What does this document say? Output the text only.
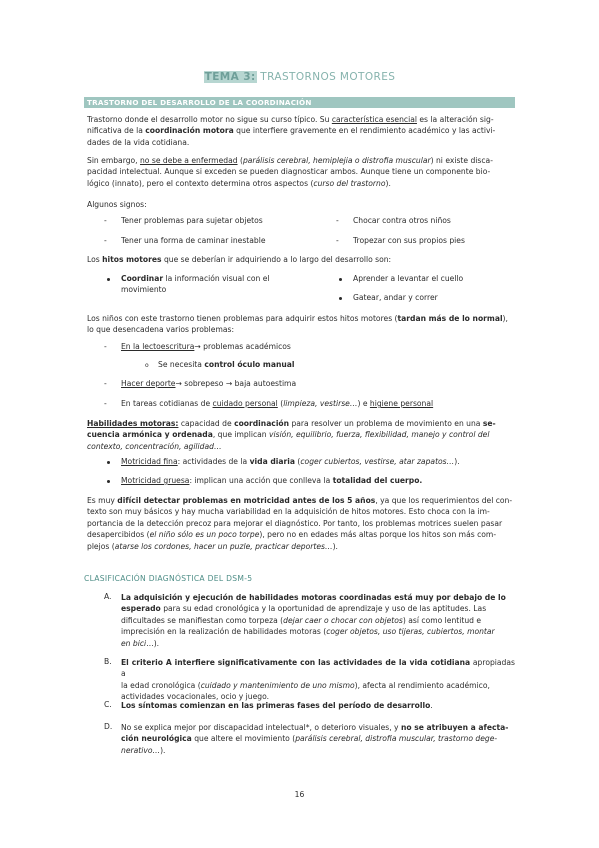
TEMA 3: TRASTORNOS MOTORES
TRASTORNO DEL DESARROLLO DE LA COORDINACIÓN
Trastorno donde el desarrollo motor no sigue su curso típico. Su característica esencial es la alteración sig-
nificativa de la coordinación motora que interfiere gravemente en el rendimiento académico y las activi-
dades de la vida cotidiana.
Sin embargo, no se debe a enfermedad (parálisis cerebral, hemiplejia o distrofia muscular) ni existe disca-
pacidad intelectual. Aunque si exceden se pueden diagnosticar ambos. Aunque tiene un componente bio-
lógico (innato), pero el contexto determina otros aspectos (curso del trastorno).
Algunos signos:
- Tener problemas para sujetar objetos	- Chocar contra otros niños
- Tener una forma de caminar inestable	- Tropezar con sus propios pies
Los hitos motores que se deberían ir adquiriendo a lo largo del desarrollo son:
Coordinar la información visual con el
movimiento
Aprender a levantar el cuello
Gatear, andar y correr
Los niños con este trastorno tienen problemas para adquirir estos hitos motores (tardan más de lo normal),
lo que desencadena varios problemas:
- En la lectoescritura→ problemas académicos
o Se necesita control óculo manual
- Hacer deporte→ sobrepeso → baja autoestima
- En tareas cotidianas de cuidado personal (limpieza, vestirse…) e higiene personal
Habilidades motoras: capacidad de coordinación para resolver un problema de movimiento en una se-
cuencia armónica y ordenada, que implican visión, equilibrio, fuerza, flexibilidad, manejo y control del
contexto, concentración, agilidad…
Motricidad fina: actividades de la vida diaria (coger cubiertos, vestirse, atar zapatos…).
Motricidad gruesa: implican una acción que conlleva la totalidad del cuerpo.
Es muy difícil detectar problemas en motricidad antes de los 5 años, ya que los requerimientos del con-
texto son muy básicos y hay mucha variabilidad en la adquisición de hitos motores. Esto choca con la im-
portancia de la detección precoz para mejorar el diagnóstico. Por tanto, los problemas motrices suelen pasar
desapercibidos (el niño sólo es un poco torpe), pero no en edades más altas porque los hitos son más com-
plejos (atarse los cordones, hacer un puzle, practicar deportes…).
CLASIFICACIÓN DIAGNÓSTICA DEL DSM-5
A. La adquisición y ejecución de habilidades motoras coordinadas está muy por debajo de lo
esperado para su edad cronológica y la oportunidad de aprendizaje y uso de las aptitudes. Las
dificultades se manifiestan como torpeza (dejar caer o chocar con objetos) así como lentitud e
imprecisión en la realización de habilidades motoras (coger objetos, uso tijeras, cubiertos, montar
en bici…).
B. El criterio A interfiere significativamente con las actividades de la vida cotidiana apropiadas a
la edad cronológica (cuidado y mantenimiento de uno mismo), afecta al rendimiento académico,
actividades vocacionales, ocio y juego.
C. Los síntomas comienzan en las primeras fases del período de desarrollo.
D. No se explica mejor por discapacidad intelectual*, o deterioro visuales, y no se atribuyen a afecta-
ción neurológica que altere el movimiento (parálisis cerebral, distrofia muscular, trastorno dege-
nerativo…).
16
